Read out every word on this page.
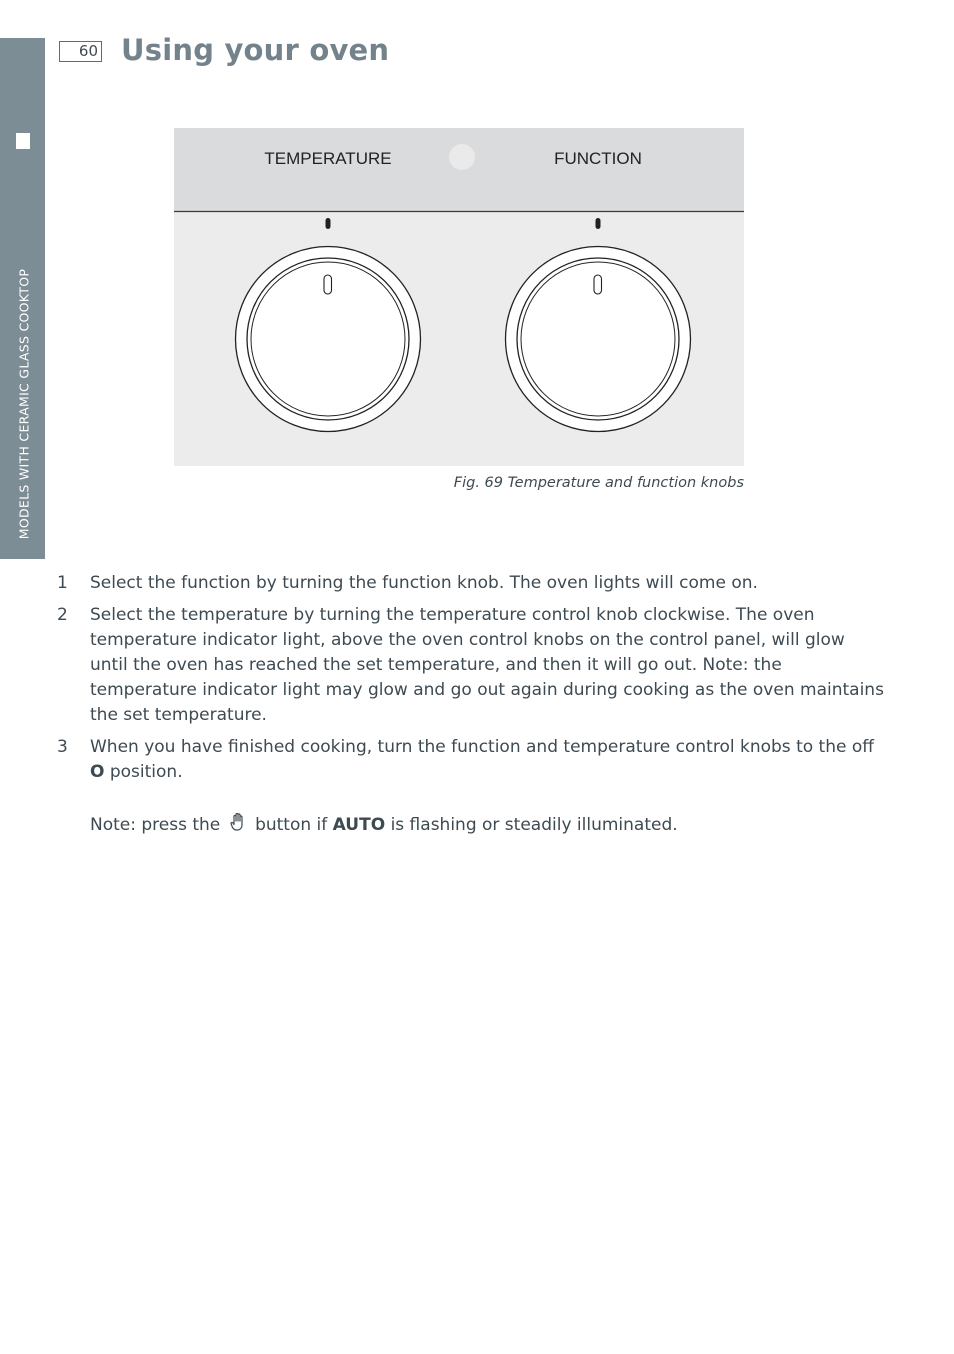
MODELS WITH CERAMIC GLASS COOKTOP
60 Using your oven
TEMPERATURE	FUNCTION
Fig. 69 Temperature and function knobs
1	Select the function by turning the function knob. The oven lights will come on.
2	Select the temperature by turning the temperature control knob clockwise. The oven temperature indicator light, above the oven control knobs on the control panel, will glow until the oven has reached the set temperature, and then it will go out. Note: the temperature indicator light may glow and go out again during cooking as the oven maintains the set temperature.
3	When you have finished cooking, turn the function and temperature control knobs to the off O position.
Note: press the button if AUTO is flashing or steadily illuminated.
